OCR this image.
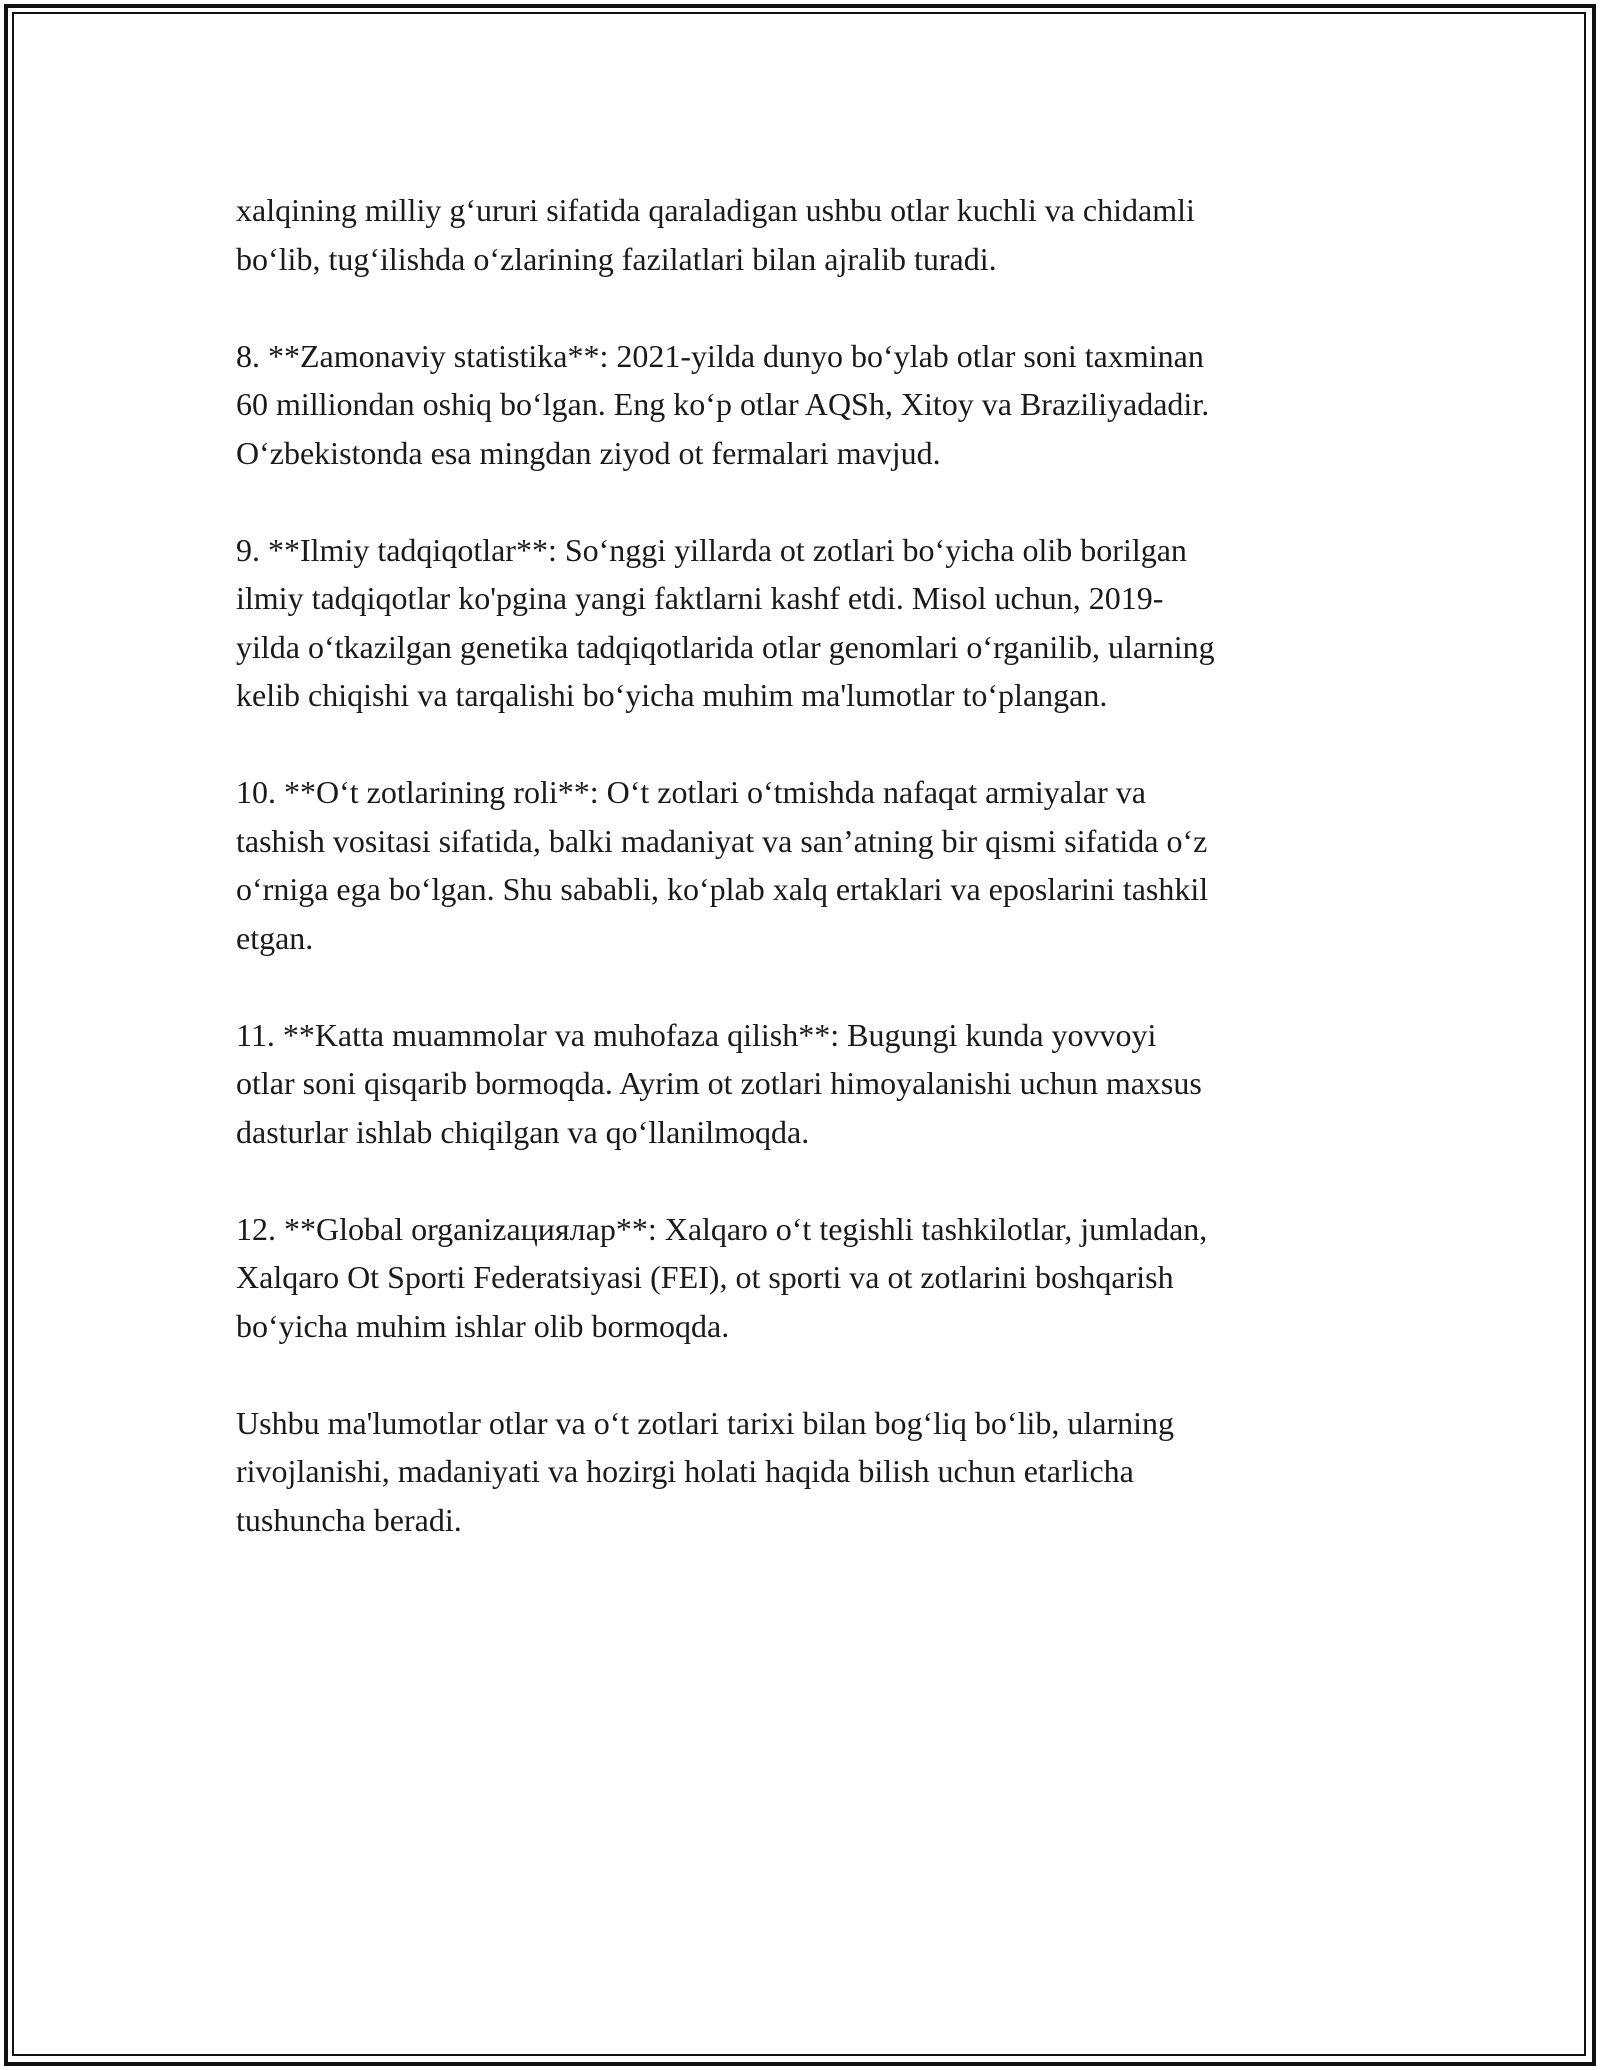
xalqining milliy gʻururi sifatida qaraladigan ushbu otlar kuchli va chidamli
boʻlib, tugʻilishda oʻzlarining fazilatlari bilan ajralib turadi.

8. **Zamonaviy statistika**: 2021-yilda dunyo boʻylab otlar soni taxminan
60 milliondan oshiq boʻlgan. Eng koʻp otlar AQSh, Xitoy va Braziliyadadir.
Oʻzbekistonda esa mingdan ziyod ot fermalari mavjud.

9. **Ilmiy tadqiqotlar**: Soʻnggi yillarda ot zotlari boʻyicha olib borilgan
ilmiy tadqiqotlar ko'pgina yangi faktlarni kashf etdi. Misol uchun, 2019-
yilda oʻtkazilgan genetika tadqiqotlarida otlar genomlari oʻrganilib, ularning
kelib chiqishi va tarqalishi boʻyicha muhim ma'lumotlar toʻplangan.

10. **Oʻt zotlarining roli**: Oʻt zotlari oʻtmishda nafaqat armiyalar va
tashish vositasi sifatida, balki madaniyat va san’atning bir qismi sifatida oʻz
oʻrniga ega boʻlgan. Shu sababli, koʻplab xalq ertaklari va eposlarini tashkil
etgan.

11. **Katta muammolar va muhofaza qilish**: Bugungi kunda yovvoyi
otlar soni qisqarib bormoqda. Ayrim ot zotlari himoyalanishi uchun maxsus
dasturlar ishlab chiqilgan va qoʻllanilmoqda.

12. **Global organizациялар**: Xalqaro oʻt tegishli tashkilotlar, jumladan,
Xalqaro Ot Sporti Federatsiyasi (FEI), ot sporti va ot zotlarini boshqarish
boʻyicha muhim ishlar olib bormoqda.

Ushbu ma'lumotlar otlar va oʻt zotlari tarixi bilan bogʻliq boʻlib, ularning
rivojlanishi, madaniyati va hozirgi holati haqida bilish uchun etarlicha
tushuncha beradi.
